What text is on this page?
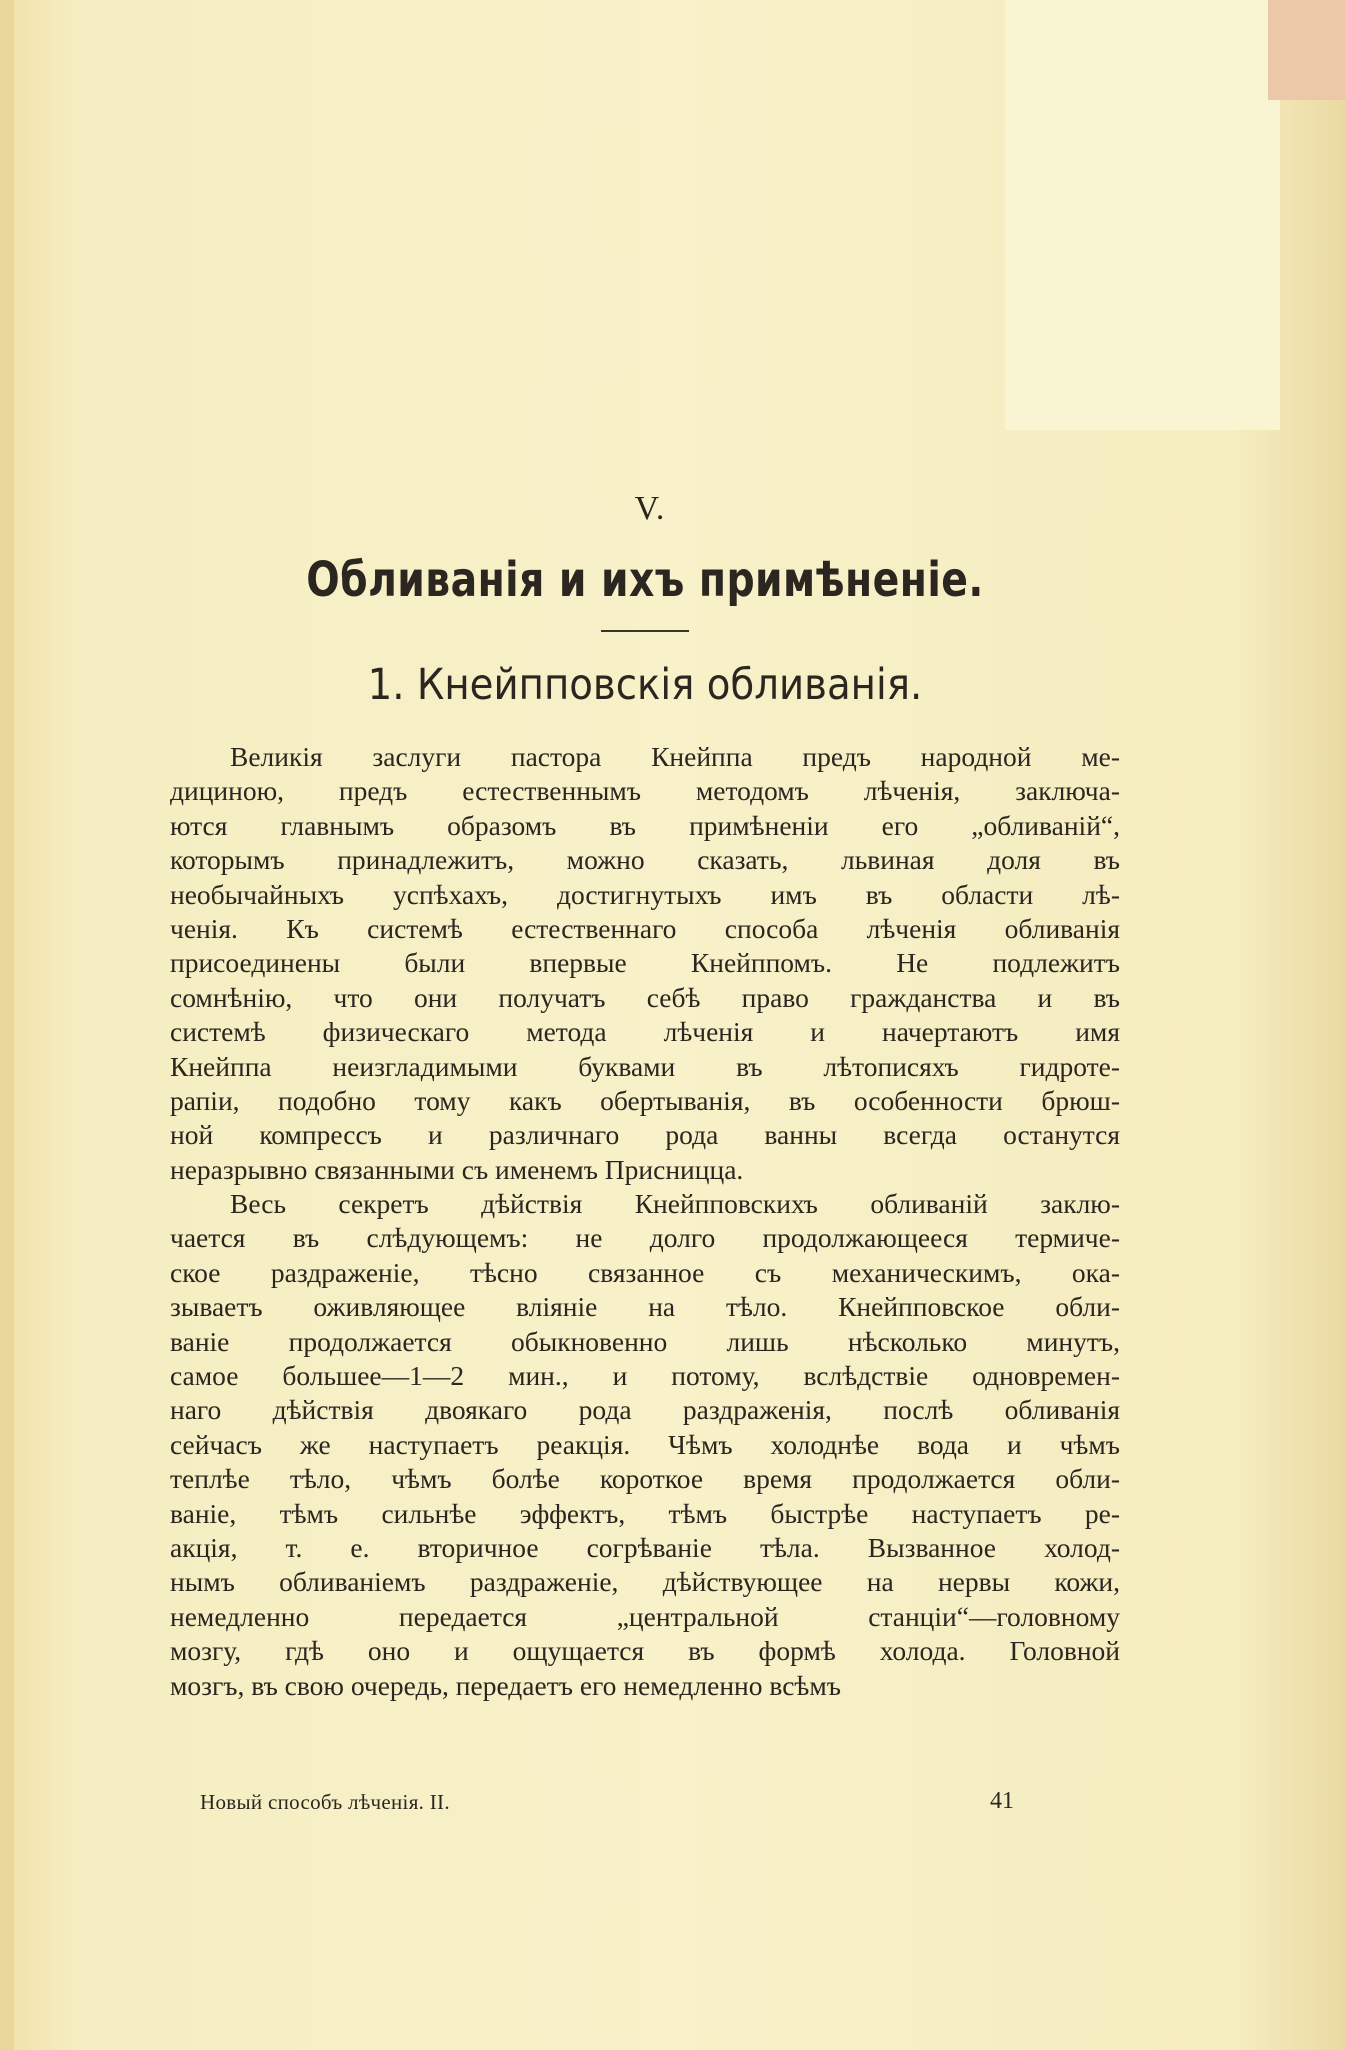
V.
Обливанія и ихъ примѣненіе.
1. Кнейпповскія обливанія.
Великія заслуги пастора Кнейппа предъ народной ме-
дициною, предъ естественнымъ методомъ лѣченія, заключа-
ются главнымъ образомъ въ примѣненіи его „обливаній“,
которымъ принадлежитъ, можно сказать, львиная доля въ
необычайныхъ успѣхахъ, достигнутыхъ имъ въ области лѣ-
ченія. Къ системѣ естественнаго способа лѣченія обливанія
присоединены были впервые Кнейппомъ. Не подлежитъ
сомнѣнію, что они получатъ себѣ право гражданства и въ
системѣ физическаго метода лѣченія и начертаютъ имя
Кнейппа неизгладимыми буквами въ лѣтописяхъ гидроте-
рапіи, подобно тому какъ обертыванія, въ особенности брюш-
ной компрессъ и различнаго рода ванны всегда останутся
неразрывно связанными съ именемъ Присницца.
Весь секретъ дѣйствія Кнейпповскихъ обливаній заклю-
чается въ слѣдующемъ: не долго продолжающееся термиче-
ское раздраженіе, тѣсно связанное съ механическимъ, ока-
зываетъ оживляющее вліяніе на тѣло. Кнейпповское обли-
ваніе продолжается обыкновенно лишь нѣсколько минутъ,
самое большее—1—2 мин., и потому, вслѣдствіе одновремен-
наго дѣйствія двоякаго рода раздраженія, послѣ обливанія
сейчасъ же наступаетъ реакція. Чѣмъ холоднѣе вода и чѣмъ
теплѣе тѣло, чѣмъ болѣе короткое время продолжается обли-
ваніе, тѣмъ сильнѣе эффектъ, тѣмъ быстрѣе наступаетъ ре-
акція, т. е. вторичное согрѣваніе тѣла. Вызванное холод-
нымъ обливаніемъ раздраженіе, дѣйствующее на нервы кожи,
немедленно передается „центральной станціи“—головному
мозгу, гдѣ оно и ощущается въ формѣ холода. Головной
мозгъ, въ свою очередь, передаетъ его немедленно всѣмъ
Новый способъ лѣченія. II.	41
